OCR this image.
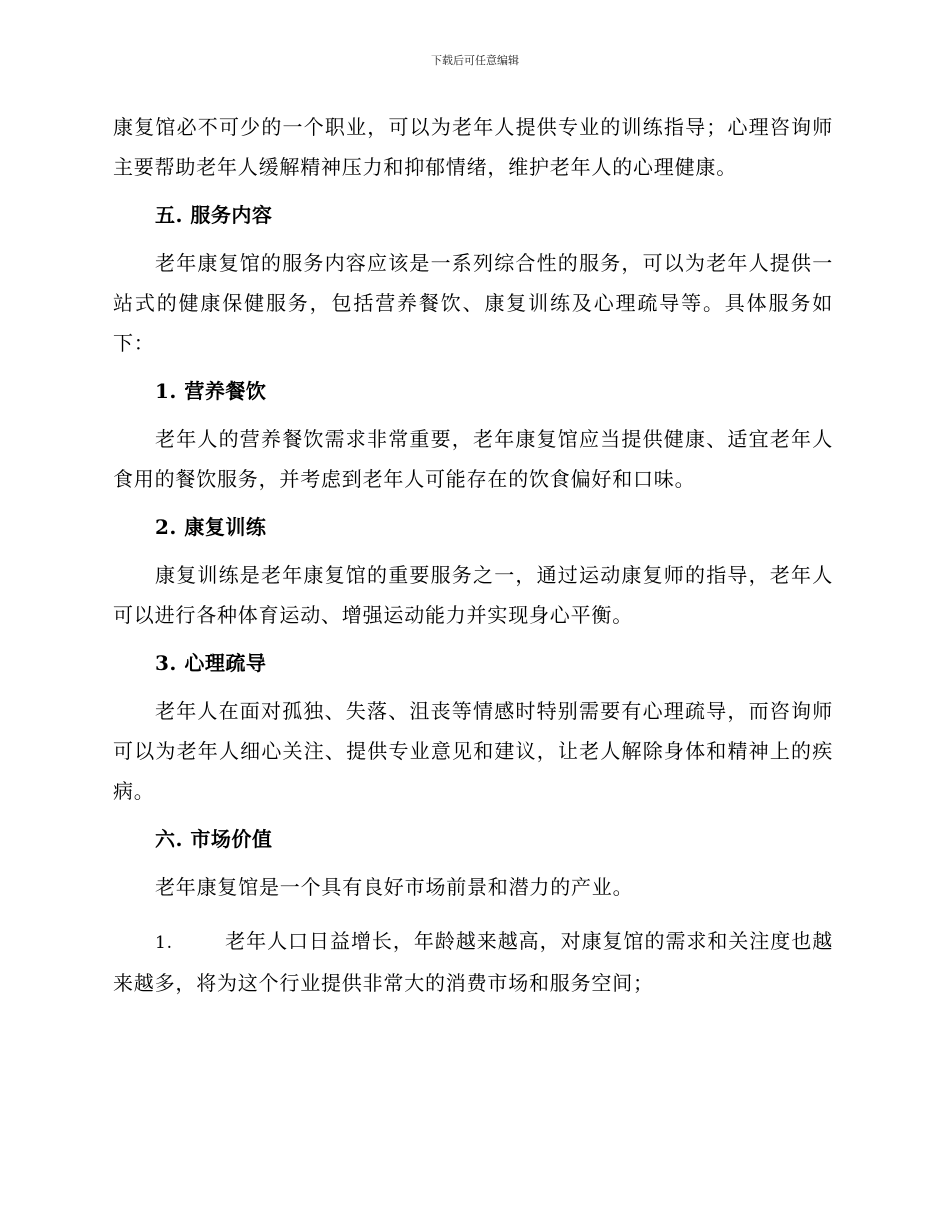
下载后可任意编辑

康复馆必不可少的一个职业，可以为老年人提供专业的训练指导；心理咨询师主要帮助老年人缓解精神压力和抑郁情绪，维护老年人的心理健康。

五. 服务内容

老年康复馆的服务内容应该是一系列综合性的服务，可以为老年人提供一站式的健康保健服务，包括营养餐饮、康复训练及心理疏导等。具体服务如下：

1. 营养餐饮

老年人的营养餐饮需求非常重要，老年康复馆应当提供健康、适宜老年人食用的餐饮服务，并考虑到老年人可能存在的饮食偏好和口味。

2. 康复训练

康复训练是老年康复馆的重要服务之一，通过运动康复师的指导，老年人可以进行各种体育运动、增强运动能力并实现身心平衡。

3. 心理疏导

老年人在面对孤独、失落、沮丧等情感时特别需要有心理疏导，而咨询师可以为老年人细心关注、提供专业意见和建议，让老人解除身体和精神上的疾病。

六. 市场价值

老年康复馆是一个具有良好市场前景和潜力的产业。

1.	老年人口日益增长，年龄越来越高，对康复馆的需求和关注度也越来越多，将为这个行业提供非常大的消费市场和服务空间；
